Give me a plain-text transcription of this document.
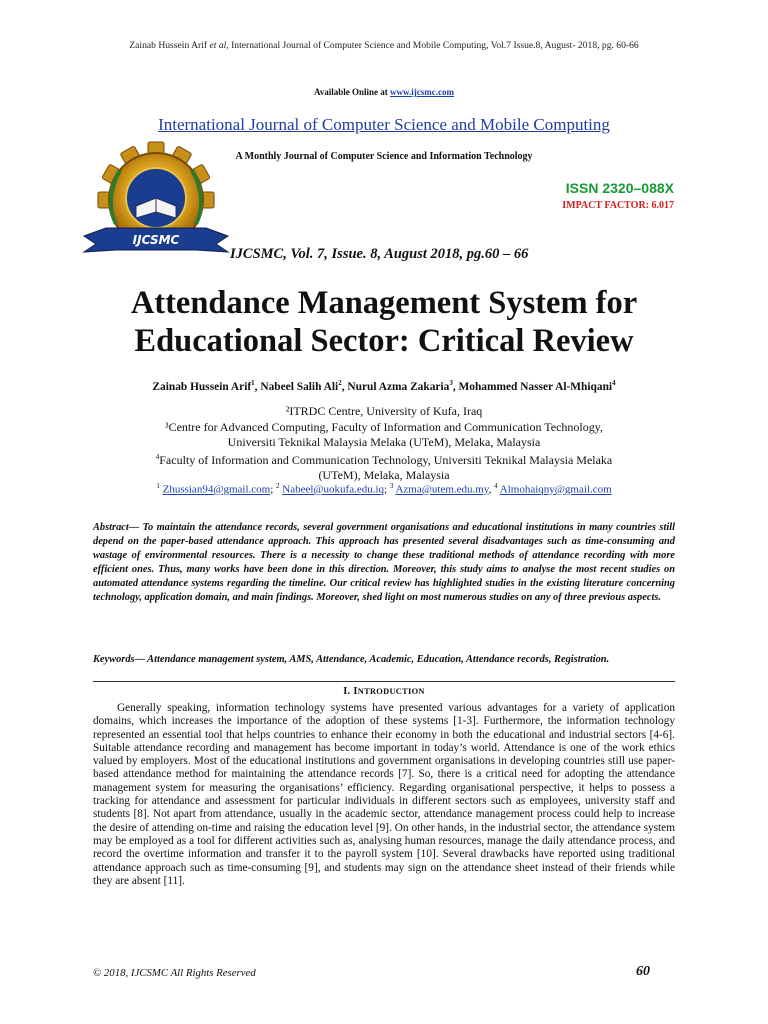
Zainab Hussein Arif et al, International Journal of Computer Science and Mobile Computing, Vol.7 Issue.8, August- 2018, pg. 60-66
Available Online at www.ijcsmc.com
International Journal of Computer Science and Mobile Computing
A Monthly Journal of Computer Science and Information Technology
IJCSMC
ISSN 2320–088X
IMPACT FACTOR: 6.017
IJCSMC, Vol. 7, Issue. 8, August 2018, pg.60 – 66
Attendance Management System for
Educational Sector: Critical Review
Zainab Hussein Arif$^1$, Nabeel Salih Ali$^2$, Nurul Azma Zakaria$^3$, Mohammed Nasser Al-Mhiqani$^4$
²ITRDC Centre, University of Kufa, Iraq
³Centre for Advanced Computing, Faculty of Information and Communication Technology,
Universiti Teknikal Malaysia Melaka (UTeM), Melaka, Malaysia
$^4$Faculty of Information and Communication Technology, Universiti Teknikal Malaysia Melaka
(UTeM), Melaka, Malaysia
$^1$ Zhussian94@gmail.com; $^2$ Nabeel@uokufa.edu.iq; $^3$ Azma@utem.edu.my, $^4$ Almohaiqny@gmail.com
Abstract— To maintain the attendance records, several government organisations and educational institutions in many countries still depend on the paper-based attendance approach. This approach has presented several disadvantages such as time-consuming and wastage of environmental resources. There is a necessity to change these traditional methods of attendance recording with more efficient ones. Thus, many works have been done in this direction. Moreover, this study aims to analyse the most recent studies on automated attendance systems regarding the timeline. Our critical review has highlighted studies in the existing literature concerning technology, application domain, and main findings. Moreover, shed light on most numerous studies on any of three previous aspects.
Keywords— Attendance management system, AMS, Attendance, Academic, Education, Attendance records, Registration.
I. INTRODUCTION
Generally speaking, information technology systems have presented various advantages for a variety of application domains, which increases the importance of the adoption of these systems [1-3]. Furthermore, the information technology represented an essential tool that helps countries to enhance their economy in both the educational and industrial sectors [4-6]. Suitable attendance recording and management has become important in today’s world. Attendance is one of the work ethics valued by employers. Most of the educational institutions and government organisations in developing countries still use paper-based attendance method for maintaining the attendance records [7]. So, there is a critical need for adopting the attendance management system for measuring the organisations’ efficiency. Regarding organisational perspective, it helps to possess a tracking for attendance and assessment for particular individuals in different sectors such as employees, university staff and students [8]. Not apart from attendance, usually in the academic sector, attendance management process could help to increase the desire of attending on-time and raising the education level [9]. On other hands, in the industrial sector, the attendance system may be employed as a tool for different activities such as, analysing human resources, manage the daily attendance process, and record the overtime information and transfer it to the payroll system [10]. Several drawbacks have reported using traditional attendance approach such as time-consuming [9], and students may sign on the attendance sheet instead of their friends while they are absent [11].
© 2018, IJCSMC All Rights Reserved	60
